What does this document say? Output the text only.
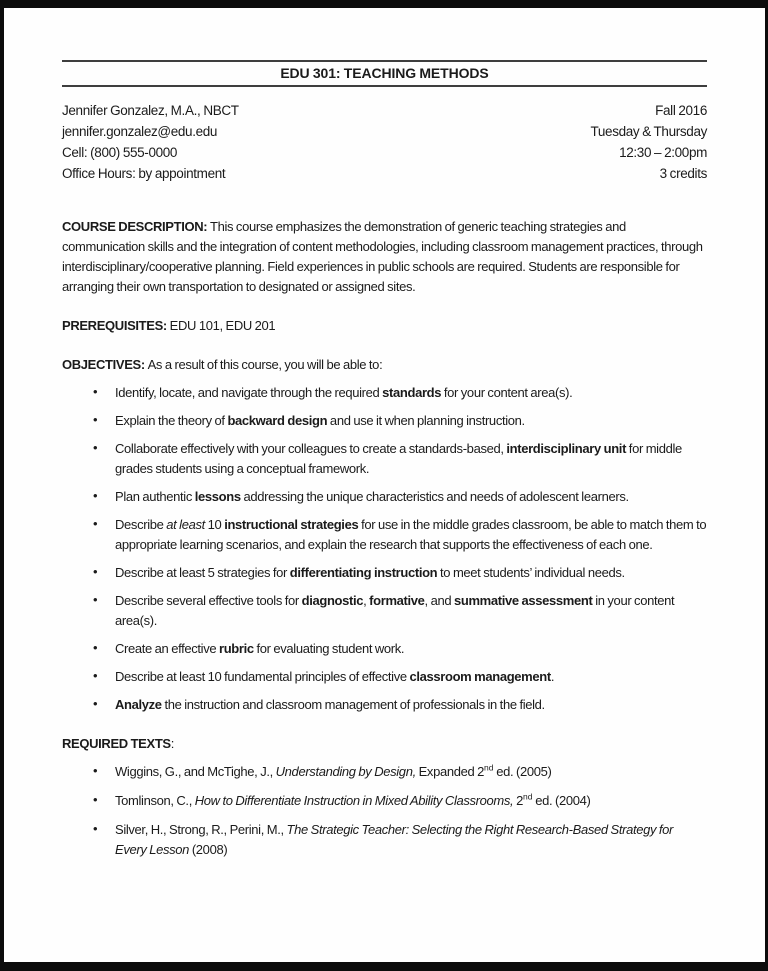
EDU 301: TEACHING METHODS
Jennifer Gonzalez, M.A., NBCT
jennifer.gonzalez@edu.edu
Cell: (800) 555-0000
Office Hours: by appointment
Fall 2016
Tuesday & Thursday
12:30 – 2:00pm
3 credits

COURSE DESCRIPTION: This course emphasizes the demonstration of generic teaching strategies and communication skills and the integration of content methodologies, including classroom management practices, through interdisciplinary/cooperative planning. Field experiences in public schools are required. Students are responsible for arranging their own transportation to designated or assigned sites.

PREREQUISITES: EDU 101, EDU 201

OBJECTIVES: As a result of this course, you will be able to:

• Identify, locate, and navigate through the required standards for your content area(s).
• Explain the theory of backward design and use it when planning instruction.
• Collaborate effectively with your colleagues to create a standards-based, interdisciplinary unit for middle grades students using a conceptual framework.
• Plan authentic lessons addressing the unique characteristics and needs of adolescent learners.
• Describe at least 10 instructional strategies for use in the middle grades classroom, be able to match them to appropriate learning scenarios, and explain the research that supports the effectiveness of each one.
• Describe at least 5 strategies for differentiating instruction to meet students’ individual needs.
• Describe several effective tools for diagnostic, formative, and summative assessment in your content area(s).
• Create an effective rubric for evaluating student work.
• Describe at least 10 fundamental principles of effective classroom management.
• Analyze the instruction and classroom management of professionals in the field.

REQUIRED TEXTS:

• Wiggins, G., and McTighe, J., Understanding by Design, Expanded 2nd ed. (2005)
• Tomlinson, C., How to Differentiate Instruction in Mixed Ability Classrooms, 2nd ed. (2004)
• Silver, H., Strong, R., Perini, M., The Strategic Teacher: Selecting the Right Research-Based Strategy for Every Lesson (2008)
